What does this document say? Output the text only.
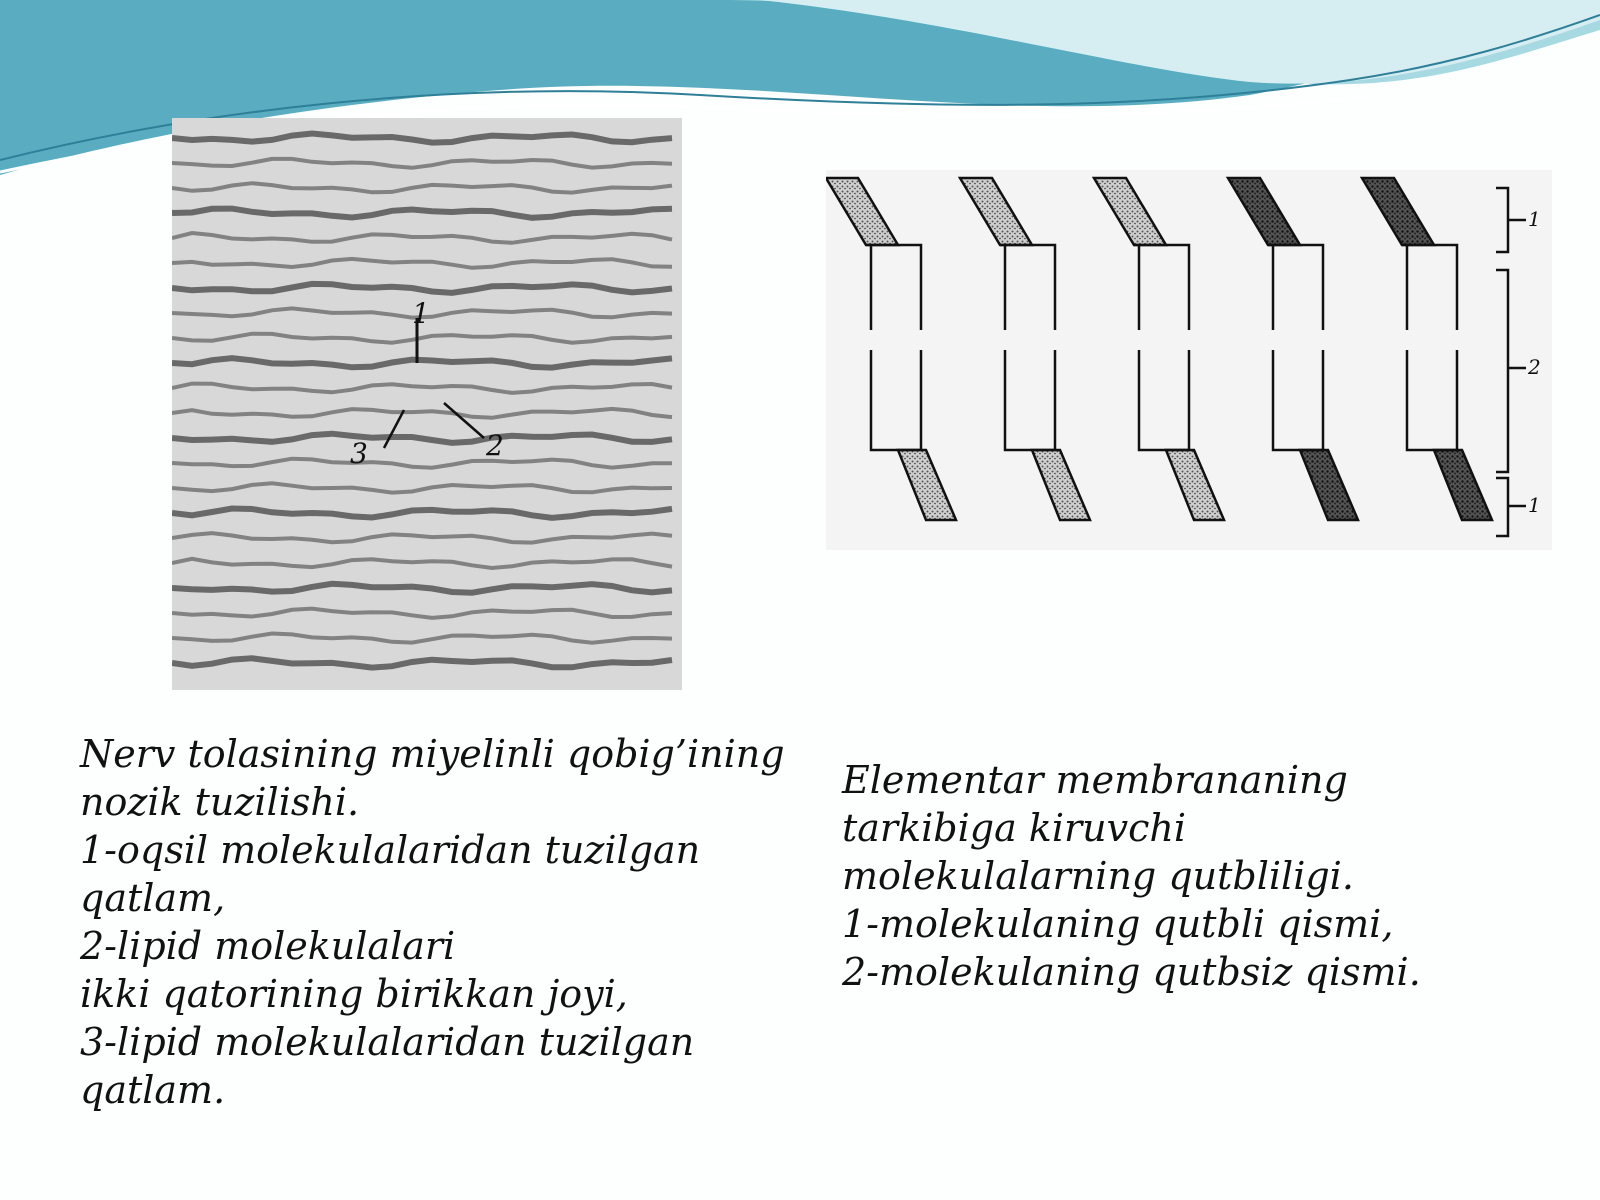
1
2
3
1
2
1

Nerv tolasining miyelinli qobig’ining
nozik tuzilishi.
1-oqsil molekulalaridan tuzilgan
qatlam,
2-lipid molekulalari
ikki qatorining birikkan joyi,
3-lipid molekulalaridan tuzilgan
qatlam.

Elementar membrananing
tarkibiga kiruvchi
molekulalarning qutbliligi.
1-molekulaning qutbli qismi,
2-molekulaning qutbsiz qismi.
